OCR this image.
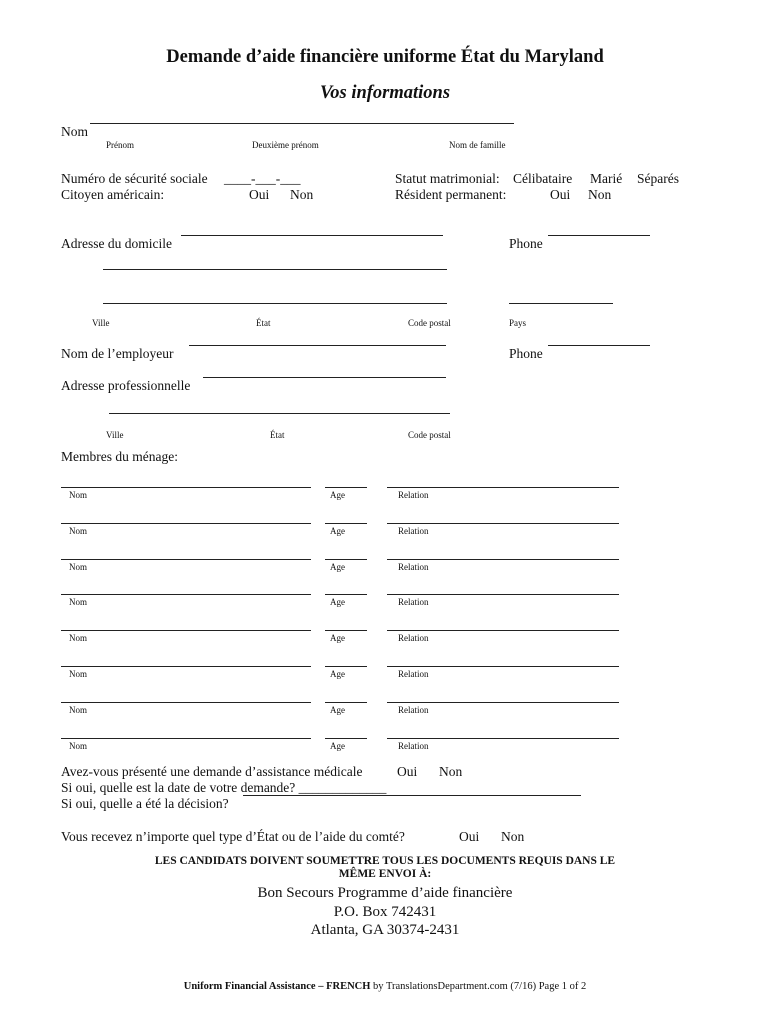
Demande d’aide financière uniforme État du Maryland
Vos informations
Nom
Prénom	Deuxième prénom	Nom de famille
Numéro de sécurité sociale ____-___-___	Statut matrimonial: Célibataire Marié Séparés
Citoyen américain:	Oui Non	Résident permanent:	Oui Non
Adresse du domicile	Phone
Ville	État	Code postal	Pays
Nom de l’employeur	Phone
Adresse professionnelle
Ville	État	Code postal
Membres du ménage:
Nom	Age	Relation
Nom	Age	Relation
Nom	Age	Relation
Nom	Age	Relation
Nom	Age	Relation
Nom	Age	Relation
Nom	Age	Relation
Nom	Age	Relation
Avez-vous présenté une demande d’assistance médicale	Oui Non
Si oui, quelle est la date de votre demande? _____________
Si oui, quelle a été la décision?
Vous recevez n’importe quel type d’État ou de l’aide du comté?	Oui Non
LES CANDIDATS DOIVENT SOUMETTRE TOUS LES DOCUMENTS REQUIS DANS LE
MÊME ENVOI À:
Bon Secours Programme d’aide financière
P.O. Box 742431
Atlanta, GA 30374-2431
Uniform Financial Assistance – FRENCH by TranslationsDepartment.com (7/16) Page 1 of 2
